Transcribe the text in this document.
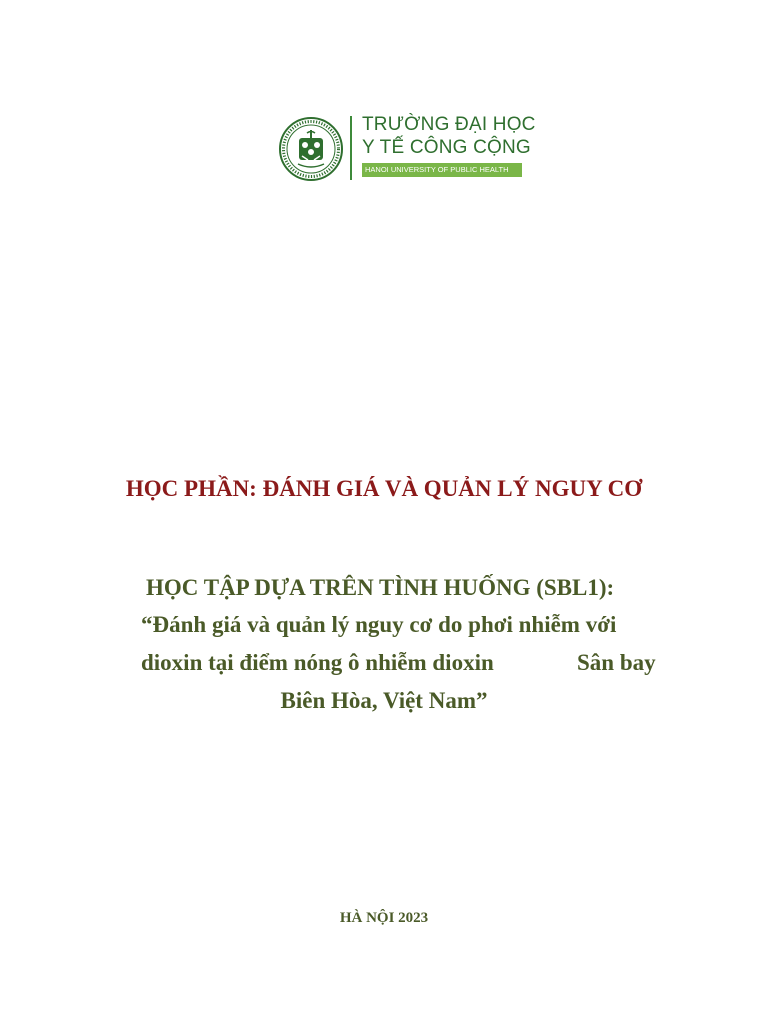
TRƯỜNG ĐẠI HỌC
Y TẾ CÔNG CỘNG
HANOI UNIVERSITY OF PUBLIC HEALTH
HỌC PHẦN: ĐÁNH GIÁ VÀ QUẢN LÝ NGUY CƠ
HỌC TẬP DỰA TRÊN TÌNH HUỐNG (SBL1):
“Đánh giá và quản lý nguy cơ do phơi nhiễm với
dioxin tại điểm nóng ô nhiễm dioxin	Sân bay
Biên Hòa, Việt Nam”
HÀ NỘI 2023
